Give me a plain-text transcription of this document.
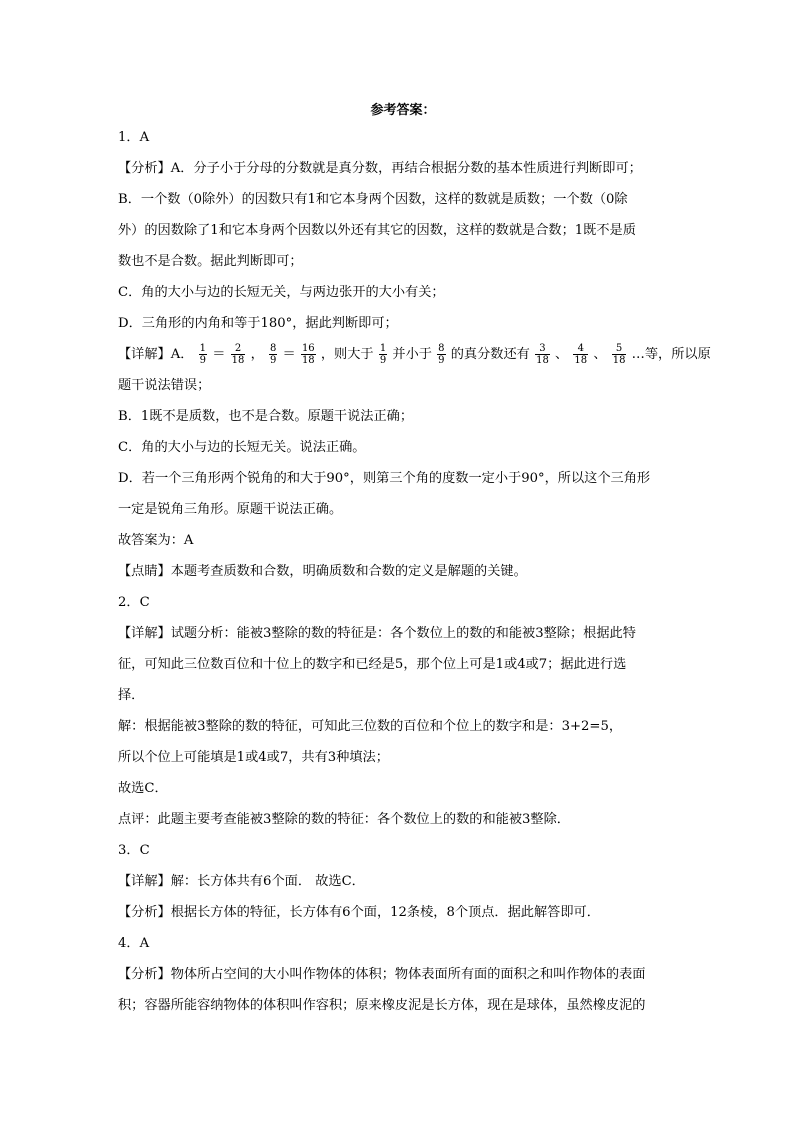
参考答案：
1．A
【分析】A．分子小于分母的分数就是真分数，再结合根据分数的基本性质进行判断即可；
B．一个数（0除外）的因数只有1和它本身两个因数，这样的数就是质数；一个数（0除
外）的因数除了1和它本身两个因数以外还有其它的因数，这样的数就是合数；1既不是质
数也不是合数。据此判断即可；
C．角的大小与边的长短无关，与两边张开的大小有关；
D．三角形的内角和等于180°，据此判断即可；
【详解】A． $\frac{1}{9} = \frac{2}{18}$ ， $\frac{8}{9} = \frac{16}{18}$ ，则大于 $\frac{1}{9}$ 并小于 $\frac{8}{9}$ 的真分数还有 $\frac{3}{18}$ 、 $\frac{4}{18}$ 、 $\frac{5}{18}$ …等，所以原
题干说法错误；
B．1既不是质数，也不是合数。原题干说法正确；
C．角的大小与边的长短无关。说法正确。
D．若一个三角形两个锐角的和大于90°，则第三个角的度数一定小于90°，所以这个三角形
一定是锐角三角形。原题干说法正确。
故答案为：A
【点睛】本题考查质数和合数，明确质数和合数的定义是解题的关键。
2．C
【详解】试题分析：能被3整除的数的特征是：各个数位上的数的和能被3整除；根据此特
征，可知此三位数百位和十位上的数字和已经是5，那个位上可是1或4或7；据此进行选
择．
解：根据能被3整除的数的特征，可知此三位数的百位和个位上的数字和是：3+2=5，
所以个位上可能填是1或4或7，共有3种填法；
故选C．
点评：此题主要考查能被3整除的数的特征：各个数位上的数的和能被3整除．
3．C
【详解】解：长方体共有6个面． 故选C．
【分析】根据长方体的特征，长方体有6个面，12条棱，8个顶点．据此解答即可．
4．A
【分析】物体所占空间的大小叫作物体的体积；物体表面所有面的面积之和叫作物体的表面
积；容器所能容纳物体的体积叫作容积；原来橡皮泥是长方体，现在是球体，虽然橡皮泥的
